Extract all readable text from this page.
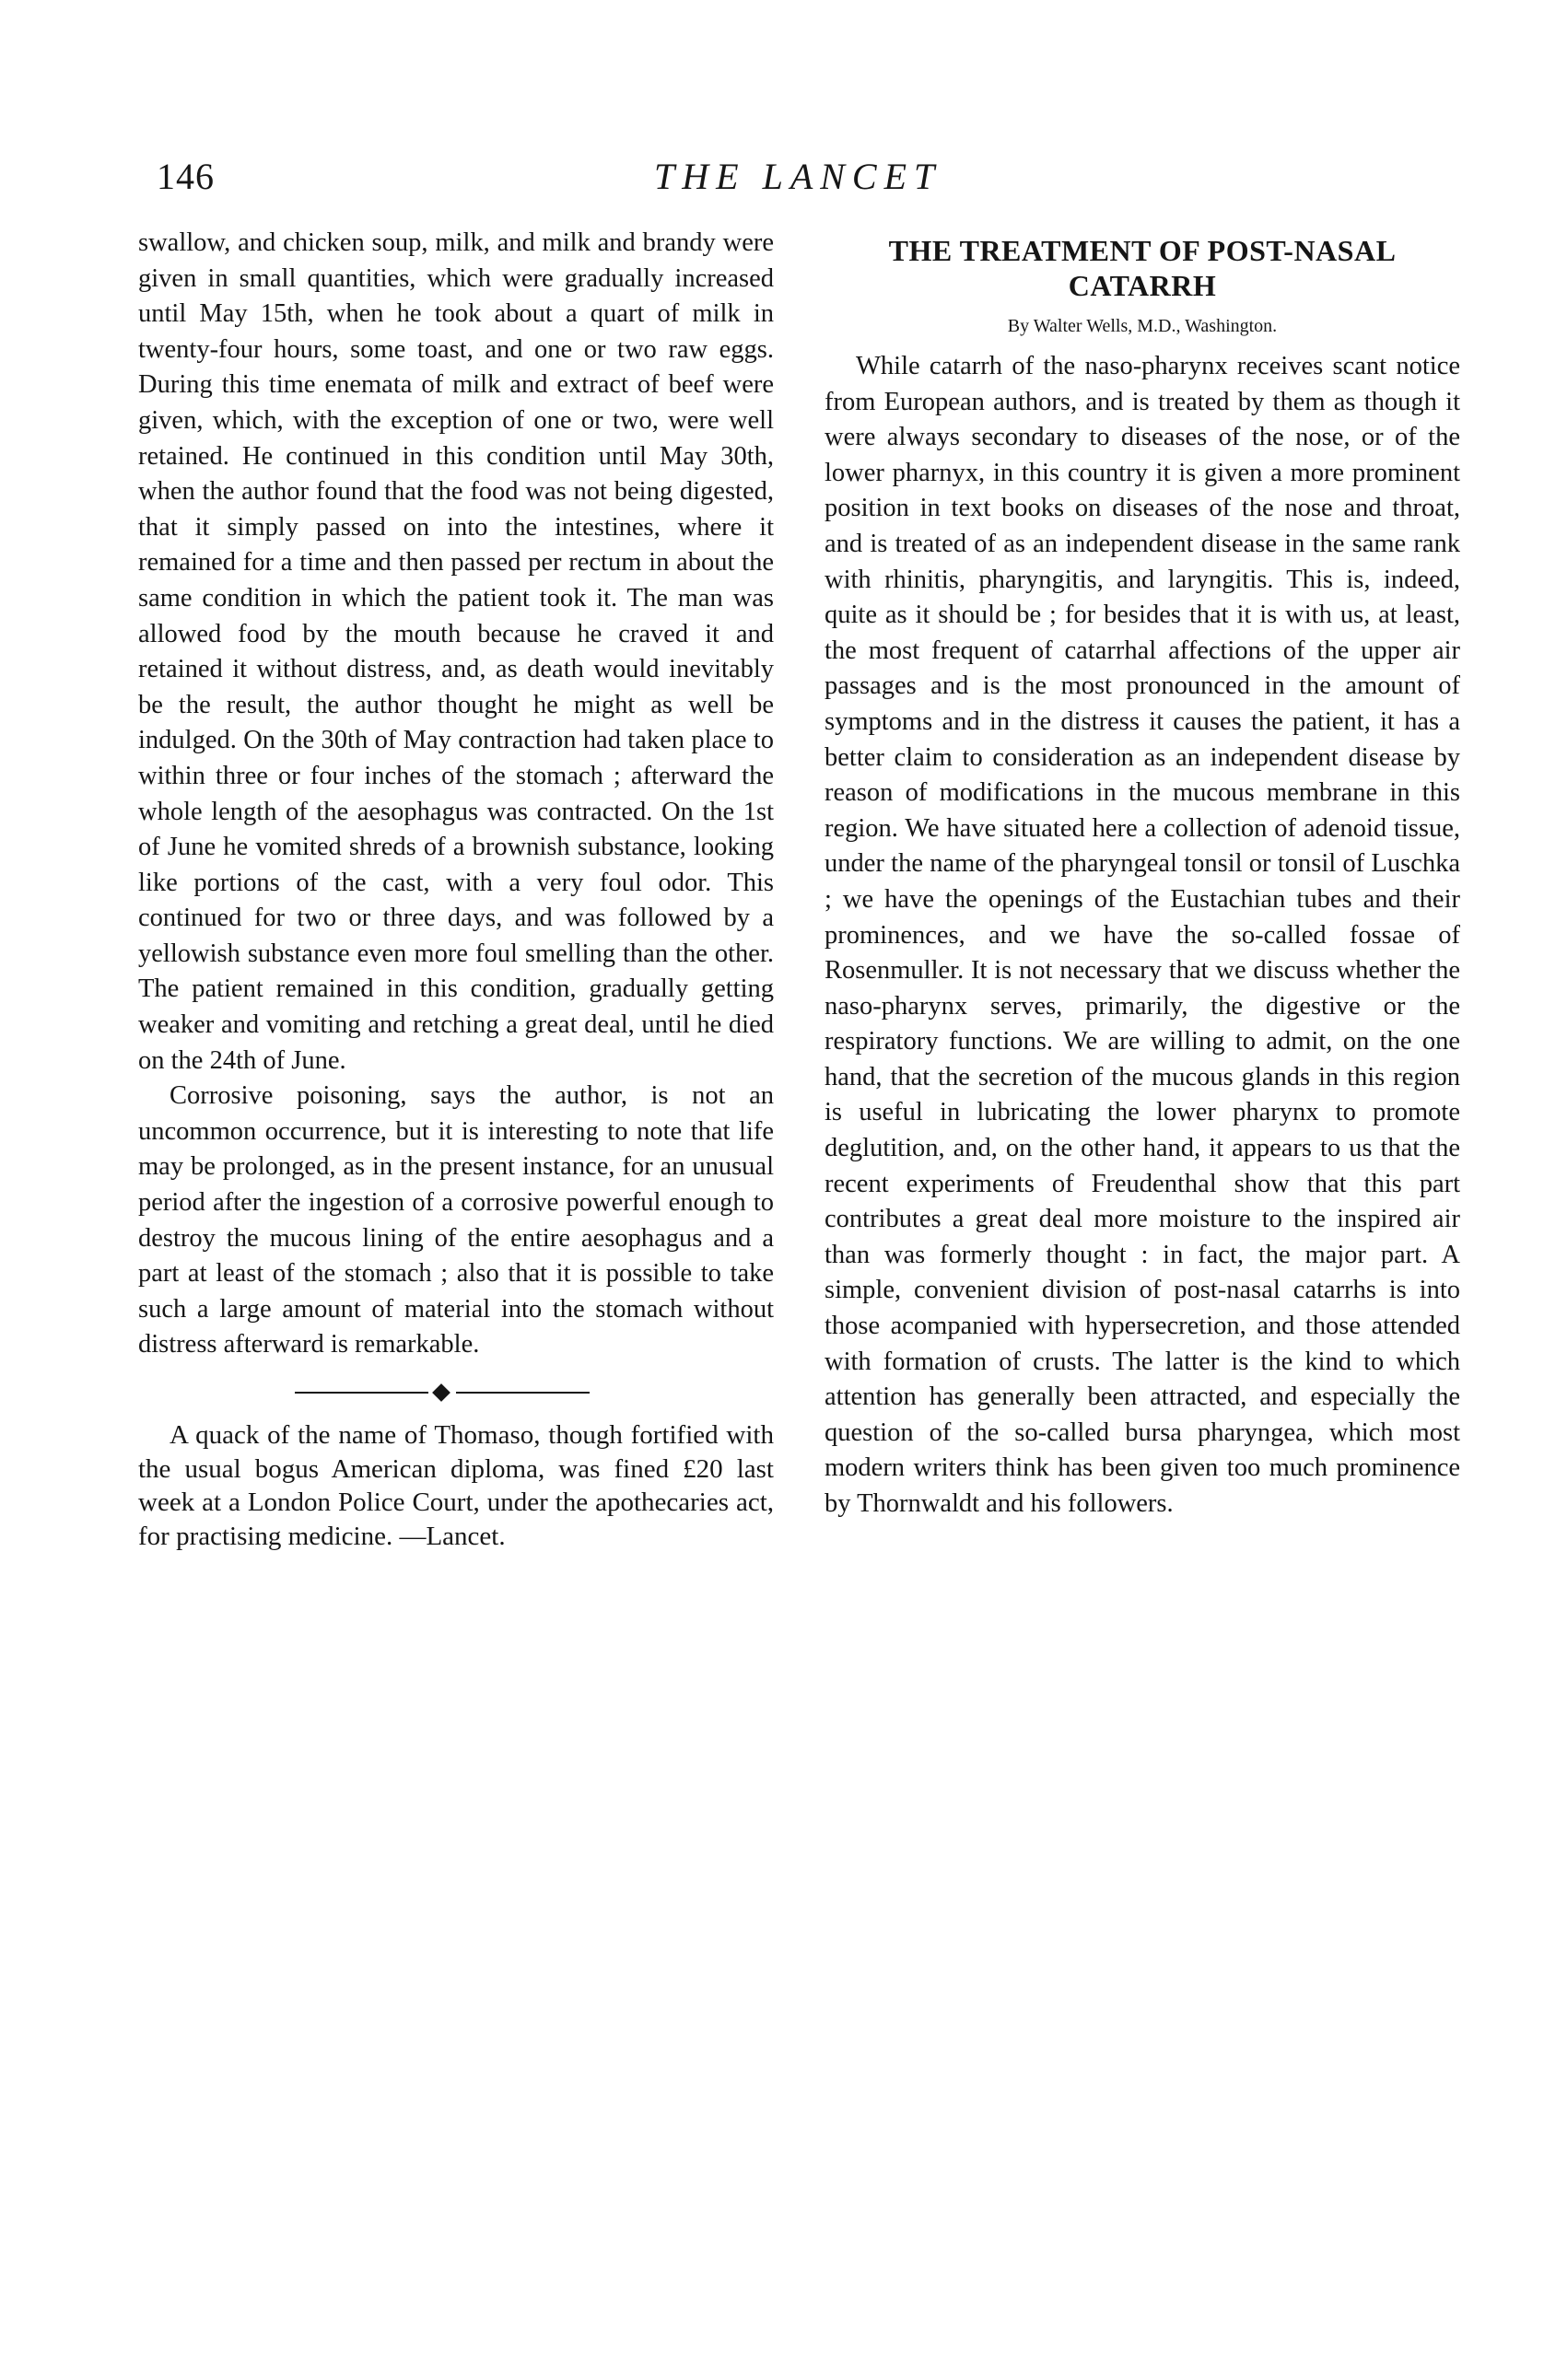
146	THE LANCET

swallow, and chicken soup, milk, and milk and brandy were given in small quantities, which were gradually increased until May 15th, when he took about a quart of milk in twenty-four hours, some toast, and one or two raw eggs. During this time enemata of milk and extract of beef were given, which, with the exception of one or two, were well retained. He continued in this condition until May 30th, when the author found that the food was not being digested, that it simply passed on into the intestines, where it remained for a time and then passed per rectum in about the same condition in which the patient took it. The man was allowed food by the mouth because he craved it and retained it without distress, and, as death would inevitably be the result, the author thought he might as well be indulged. On the 30th of May contraction had taken place to within three or four inches of the stomach ; afterward the whole length of the aesophagus was contracted. On the 1st of June he vomited shreds of a brownish substance, looking like portions of the cast, with a very foul odor. This continued for two or three days, and was followed by a yellowish substance even more foul smelling than the other. The patient remained in this condition, gradually getting weaker and vomiting and retching a great deal, until he died on the 24th of June.

Corrosive poisoning, says the author, is not an uncommon occurrence, but it is interesting to note that life may be prolonged, as in the present instance, for an unusual period after the ingestion of a corrosive powerful enough to destroy the mucous lining of the entire aesophagus and a part at least of the stomach ; also that it is possible to take such a large amount of material into the stomach without distress afterward is remarkable.

A quack of the name of Thomaso, though fortified with the usual bogus American diploma, was fined £20 last week at a London Police Court, under the apothecaries act, for practising medicine. —Lancet.

THE TREATMENT OF POST-NASAL CATARRH
By Walter Wells, M.D., Washington.

While catarrh of the naso-pharynx receives scant notice from European authors, and is treated by them as though it were always secondary to diseases of the nose, or of the lower pharnyx, in this country it is given a more prominent position in text books on diseases of the nose and throat, and is treated of as an independent disease in the same rank with rhinitis, pharyngitis, and laryngitis. This is, indeed, quite as it should be ; for besides that it is with us, at least, the most frequent of catarrhal affections of the upper air passages and is the most pronounced in the amount of symptoms and in the distress it causes the patient, it has a better claim to consideration as an independent disease by reason of modifications in the mucous membrane in this region. We have situated here a collection of adenoid tissue, under the name of the pharyngeal tonsil or tonsil of Luschka ; we have the openings of the Eustachian tubes and their prominences, and we have the so-called fossae of Rosenmuller. It is not necessary that we discuss whether the naso-pharynx serves, primarily, the digestive or the respiratory functions. We are willing to admit, on the one hand, that the secretion of the mucous glands in this region is useful in lubricating the lower pharynx to promote deglutition, and, on the other hand, it appears to us that the recent experiments of Freudenthal show that this part contributes a great deal more moisture to the inspired air than was formerly thought : in fact, the major part. A simple, convenient division of post-nasal catarrhs is into those acompanied with hypersecretion, and those attended with formation of crusts. The latter is the kind to which attention has generally been attracted, and especially the question of the so-called bursa pharyngea, which most modern writers think has been given too much prominence by Thornwaldt and his followers.
